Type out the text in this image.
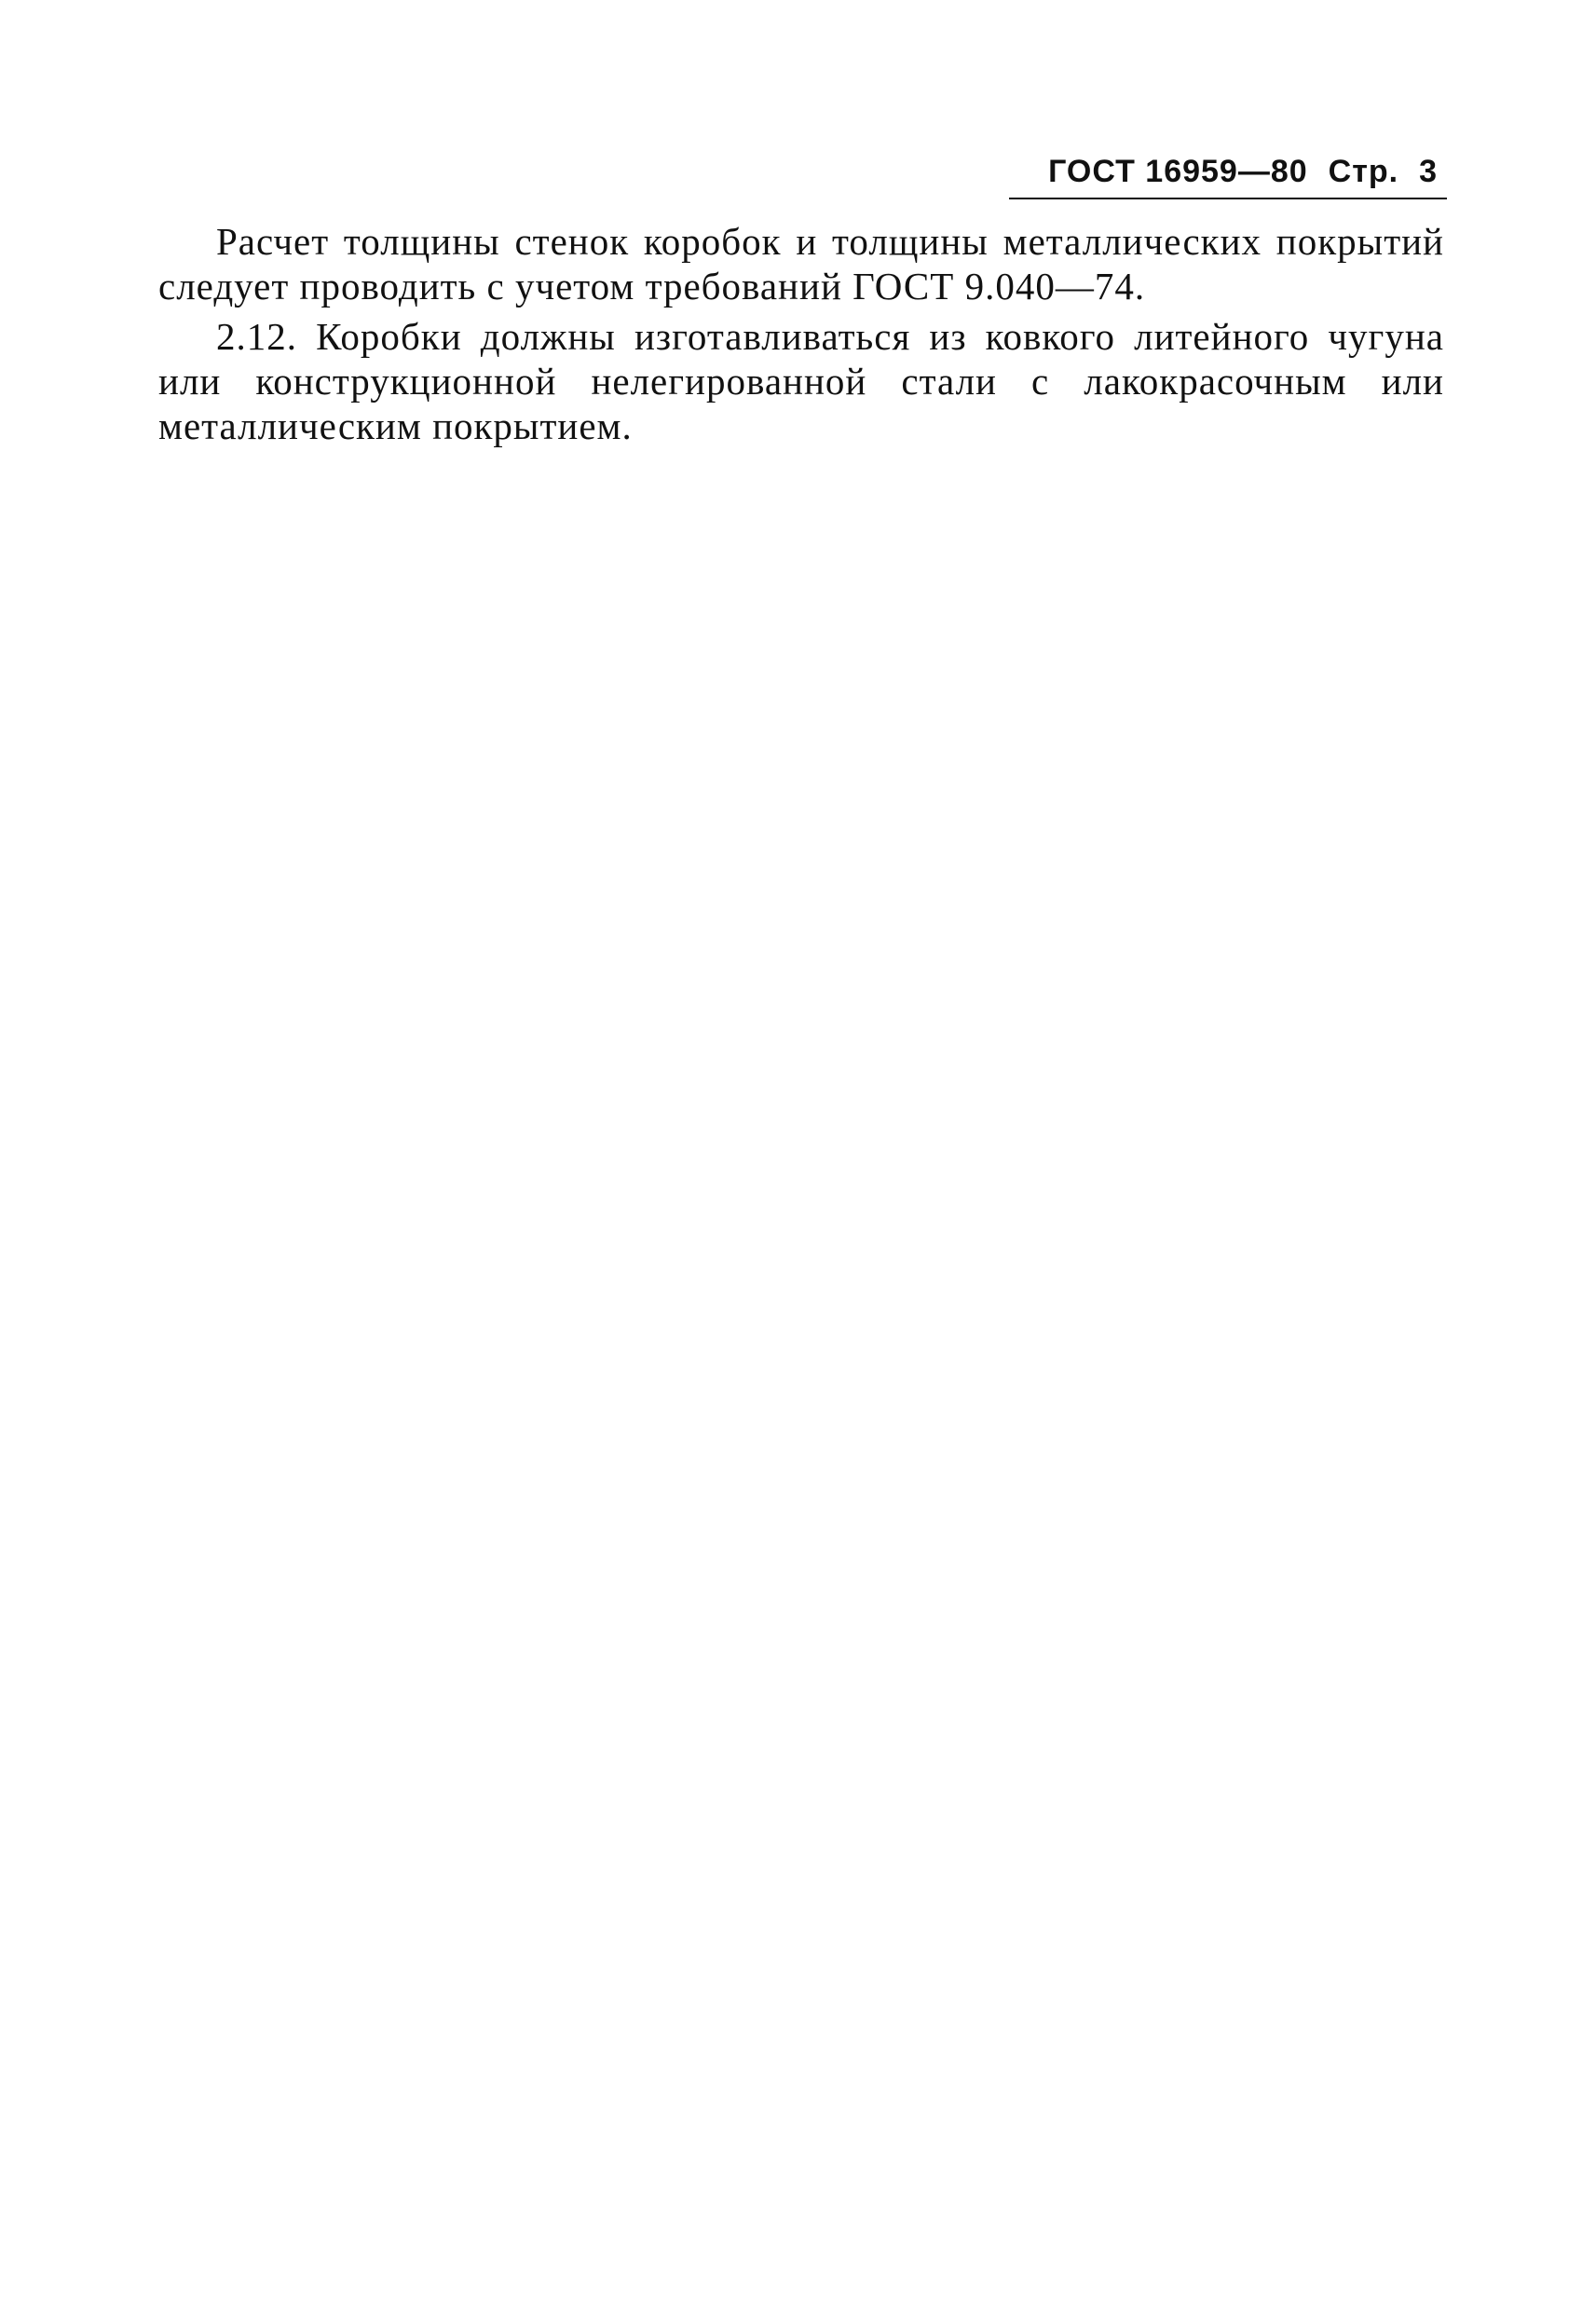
ГОСТ 16959—80 Стр. 3

Расчет толщины стенок коробок и толщины металлических покрытий следует проводить с учетом требований ГОСТ 9.040—74.

2.12. Коробки должны изготавливаться из ковкого литейного чугуна или конструкционной нелегированной стали с лакокрасочным или металлическим покрытием.
